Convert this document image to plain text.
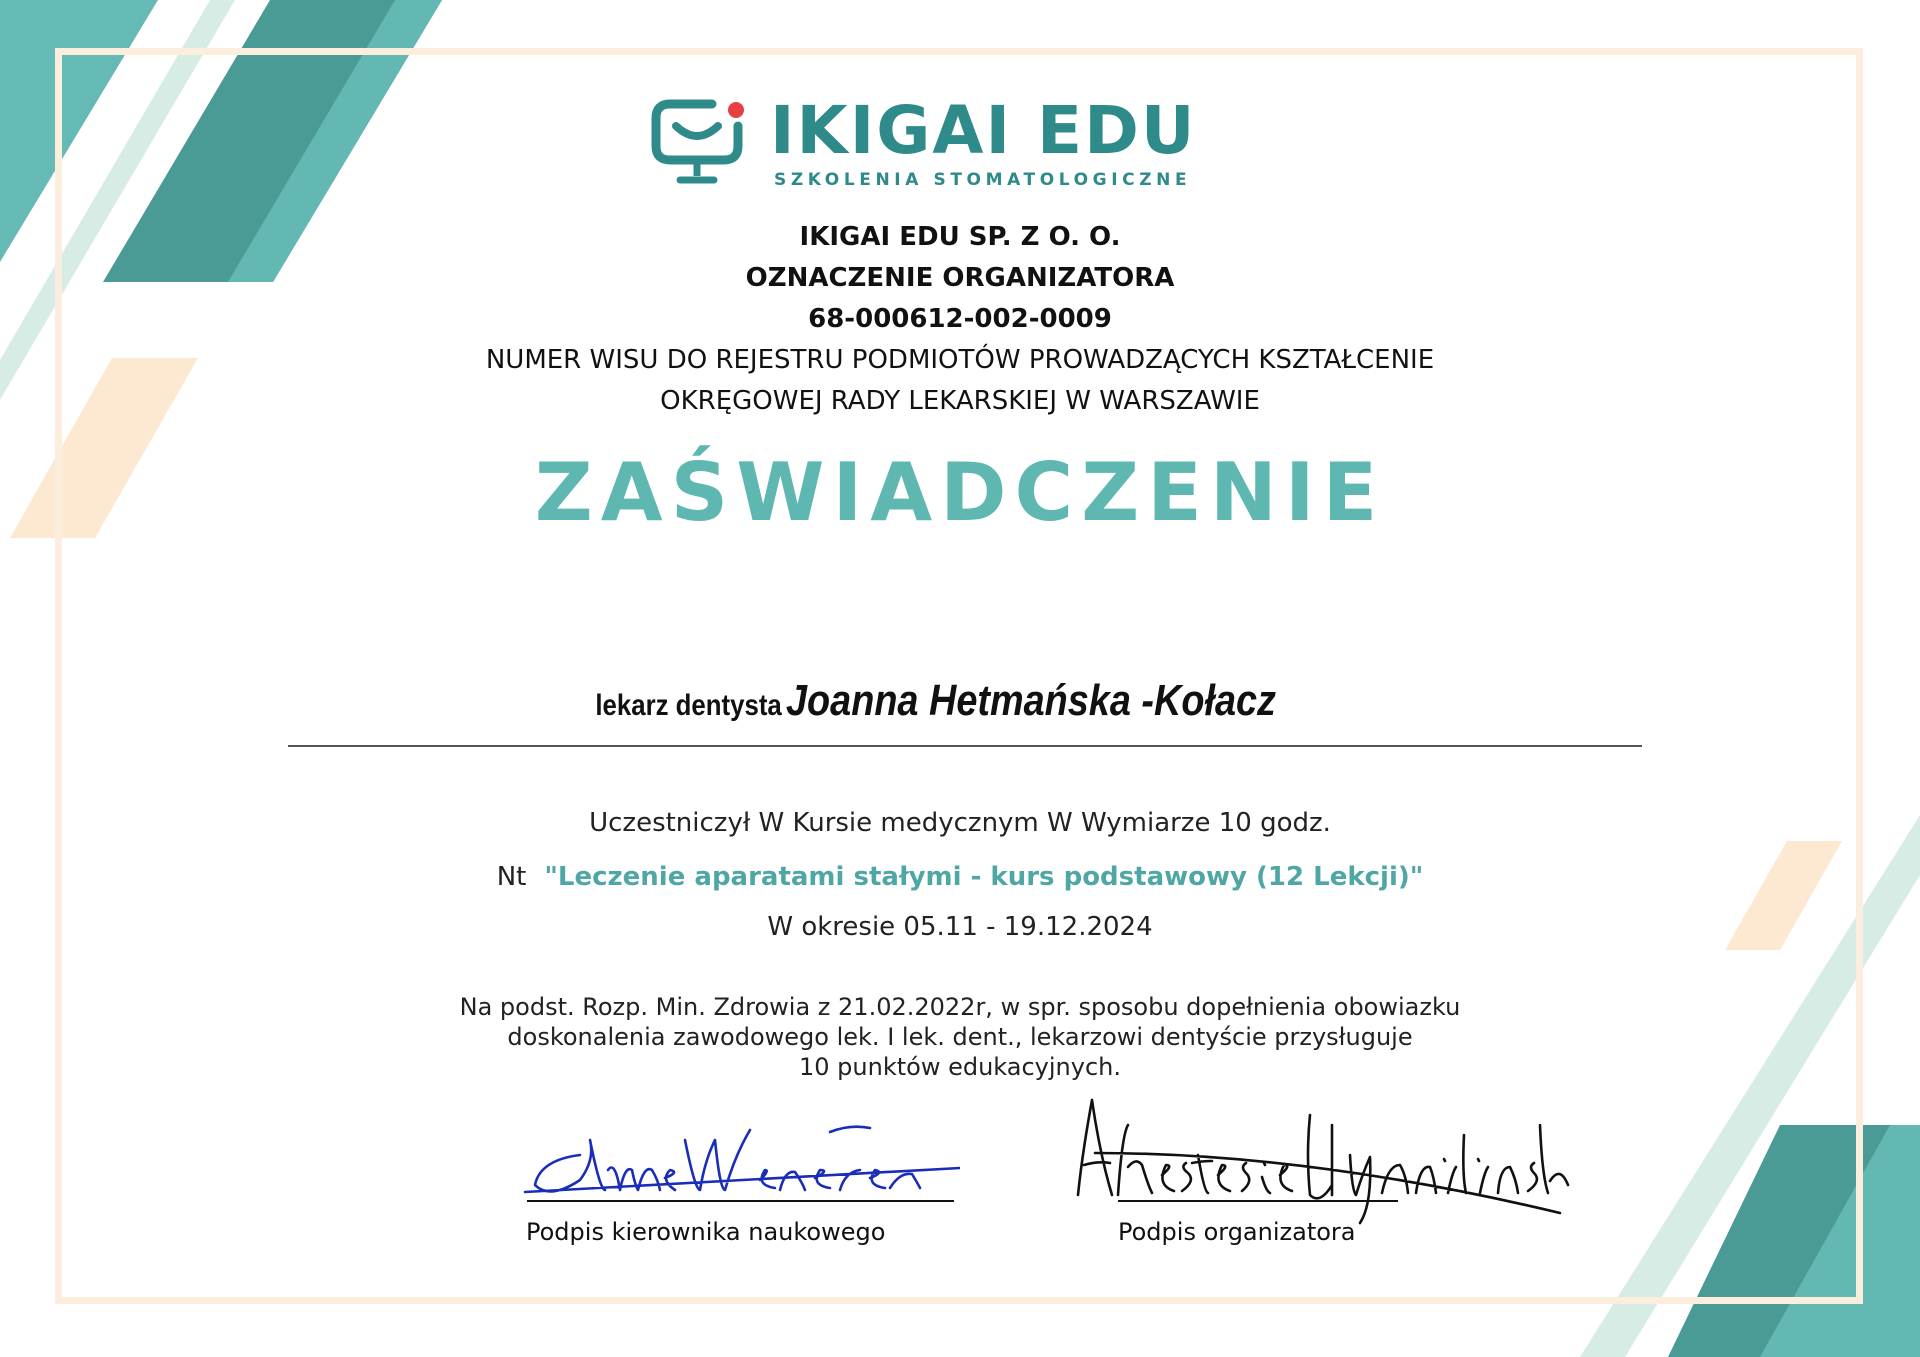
IKIGAI EDU
SZKOLENIA STOMATOLOGICZNE
IKIGAI EDU SP. Z O. O.
OZNACZENIE ORGANIZATORA
68-000612-002-0009
NUMER WISU DO REJESTRU PODMIOTÓW PROWADZĄCYCH KSZTAŁCENIE
OKRĘGOWEJ RADY LEKARSKIEJ W WARSZAWIE
ZAŚWIADCZENIE
lekarz dentysta Joanna Hetmańska -Kołacz
Uczestniczył W Kursie medycznym W Wymiarze 10 godz.
Nt "Leczenie aparatami stałymi - kurs podstawowy (12 Lekcji)"
W okresie 05.11 - 19.12.2024
Na podst. Rozp. Min. Zdrowia z 21.02.2022r, w spr. sposobu dopełnienia obowiazku
doskonalenia zawodowego lek. I lek. dent., lekarzowi dentyście przysługuje
10 punktów edukacyjnych.
Podpis kierownika naukowego	Podpis organizatora
